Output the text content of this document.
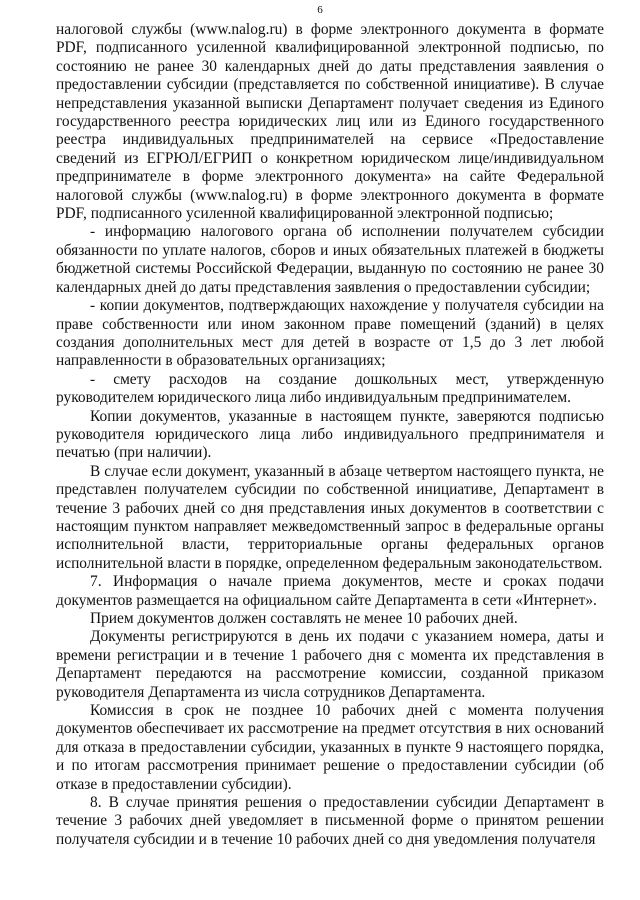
6

налоговой службы (www.nalog.ru) в форме электронного документа в формате PDF, подписанного усиленной квалифицированной электронной подписью, по состоянию не ранее 30 календарных дней до даты представления заявления о предоставлении субсидии (представляется по собственной инициативе). В случае непредставления указанной выписки Департамент получает сведения из Единого государственного реестра юридических лиц или из Единого государственного реестра индивидуальных предпринимателей на сервисе «Предоставление сведений из ЕГРЮЛ/ЕГРИП о конкретном юридическом лице/индивидуальном предпринимателе в форме электронного документа» на сайте Федеральной налоговой службы (www.nalog.ru) в форме электронного документа в формате PDF, подписанного усиленной квалифицированной электронной подписью;

- информацию налогового органа об исполнении получателем субсидии обязанности по уплате налогов, сборов и иных обязательных платежей в бюджеты бюджетной системы Российской Федерации, выданную по состоянию не ранее 30 календарных дней до даты представления заявления о предоставлении субсидии;

- копии документов, подтверждающих нахождение у получателя субсидии на праве собственности или ином законном праве помещений (зданий) в целях создания дополнительных мест для детей в возрасте от 1,5 до 3 лет любой направленности в образовательных организациях;

- смету расходов на создание дошкольных мест, утвержденную руководителем юридического лица либо индивидуальным предпринимателем.

Копии документов, указанные в настоящем пункте, заверяются подписью руководителя юридического лица либо индивидуального предпринимателя и печатью (при наличии).

В случае если документ, указанный в абзаце четвертом настоящего пункта, не представлен получателем субсидии по собственной инициативе, Департамент в течение 3 рабочих дней со дня представления иных документов в соответствии с настоящим пунктом направляет межведомственный запрос в федеральные органы исполнительной власти, территориальные органы федеральных органов исполнительной власти в порядке, определенном федеральным законодательством.

7. Информация о начале приема документов, месте и сроках подачи документов размещается на официальном сайте Департамента в сети «Интернет».

Прием документов должен составлять не менее 10 рабочих дней.

Документы регистрируются в день их подачи с указанием номера, даты и времени регистрации и в течение 1 рабочего дня с момента их представления в Департамент передаются на рассмотрение комиссии, созданной приказом руководителя Департамента из числа сотрудников Департамента.

Комиссия в срок не позднее 10 рабочих дней с момента получения документов обеспечивает их рассмотрение на предмет отсутствия в них оснований для отказа в предоставлении субсидии, указанных в пункте 9 настоящего порядка, и по итогам рассмотрения принимает решение о предоставлении субсидии (об отказе в предоставлении субсидии).

8. В случае принятия решения о предоставлении субсидии Департамент в течение 3 рабочих дней уведомляет в письменной форме о принятом решении получателя субсидии и в течение 10 рабочих дней со дня уведомления получателя
